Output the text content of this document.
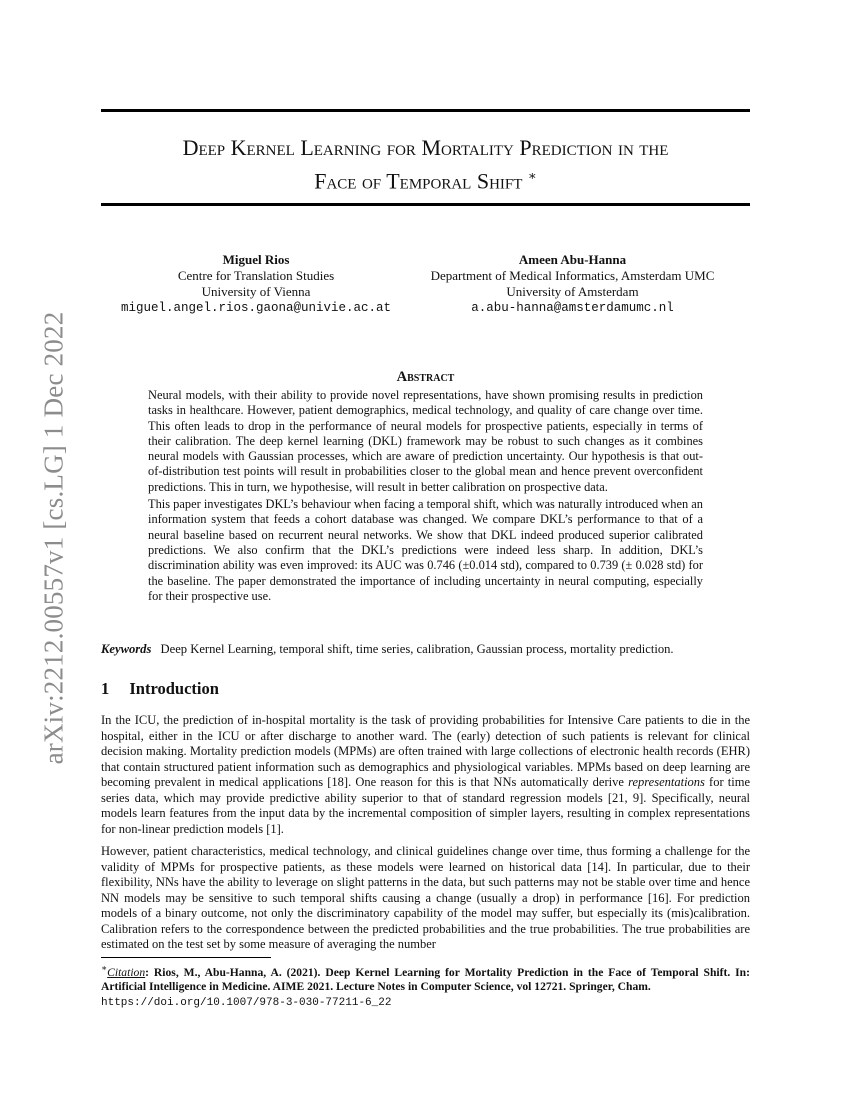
arXiv:2212.00557v1 [cs.LG] 1 Dec 2022
Deep Kernel Learning for Mortality Prediction in the
Face of Temporal Shift ∗
Miguel Rios
Centre for Translation Studies
University of Vienna
miguel.angel.rios.gaona@univie.ac.at
Ameen Abu-Hanna
Department of Medical Informatics, Amsterdam UMC
University of Amsterdam
a.abu-hanna@amsterdamumc.nl
Abstract

Neural models, with their ability to provide novel representations, have shown promising results in prediction tasks in healthcare. However, patient demographics, medical technology, and quality of care change over time. This often leads to drop in the performance of neural models for prospective patients, especially in terms of their calibration. The deep kernel learning (DKL) framework may be robust to such changes as it combines neural models with Gaussian processes, which are aware of prediction uncertainty. Our hypothesis is that out-of-distribution test points will result in probabilities closer to the global mean and hence prevent overconfident predictions. This in turn, we hypothesise, will result in better calibration on prospective data.

This paper investigates DKL’s behaviour when facing a temporal shift, which was naturally introduced when an information system that feeds a cohort database was changed. We compare DKL’s performance to that of a neural baseline based on recurrent neural networks. We show that DKL indeed produced superior calibrated predictions. We also confirm that the DKL’s predictions were indeed less sharp. In addition, DKL’s discrimination ability was even improved: its AUC was 0.746 (±0.014 std), compared to 0.739 (± 0.028 std) for the baseline. The paper demonstrated the importance of including uncertainty in neural computing, especially for their prospective use.

Keywords Deep Kernel Learning, temporal shift, time series, calibration, Gaussian process, mortality prediction.
1 Introduction

In the ICU, the prediction of in-hospital mortality is the task of providing probabilities for Intensive Care patients to die in the hospital, either in the ICU or after discharge to another ward. The (early) detection of such patients is relevant for clinical decision making. Mortality prediction models (MPMs) are often trained with large collections of electronic health records (EHR) that contain structured patient information such as demographics and physiological variables. MPMs based on deep learning are becoming prevalent in medical applications [18]. One reason for this is that NNs automatically derive representations for time series data, which may provide predictive ability superior to that of standard regression models [21, 9]. Specifically, neural models learn features from the input data by the incremental composition of simpler layers, resulting in complex representations for non-linear prediction models [1].

However, patient characteristics, medical technology, and clinical guidelines change over time, thus forming a challenge for the validity of MPMs for prospective patients, as these models were learned on historical data [14]. In particular, due to their flexibility, NNs have the ability to leverage on slight patterns in the data, but such patterns may not be stable over time and hence NN models may be sensitive to such temporal shifts causing a change (usually a drop) in performance [16]. For prediction models of a binary outcome, not only the discriminatory capability of the model may suffer, but especially its (mis)calibration. Calibration refers to the correspondence between the predicted probabilities and the true probabilities. The true probabilities are estimated on the test set by some measure of averaging the number

∗Citation: Rios, M., Abu-Hanna, A. (2021). Deep Kernel Learning for Mortality Prediction in the Face of Temporal Shift. In: Artificial Intelligence in Medicine. AIME 2021. Lecture Notes in Computer Science, vol 12721. Springer, Cham.
https://doi.org/10.1007/978-3-030-77211-6_22
